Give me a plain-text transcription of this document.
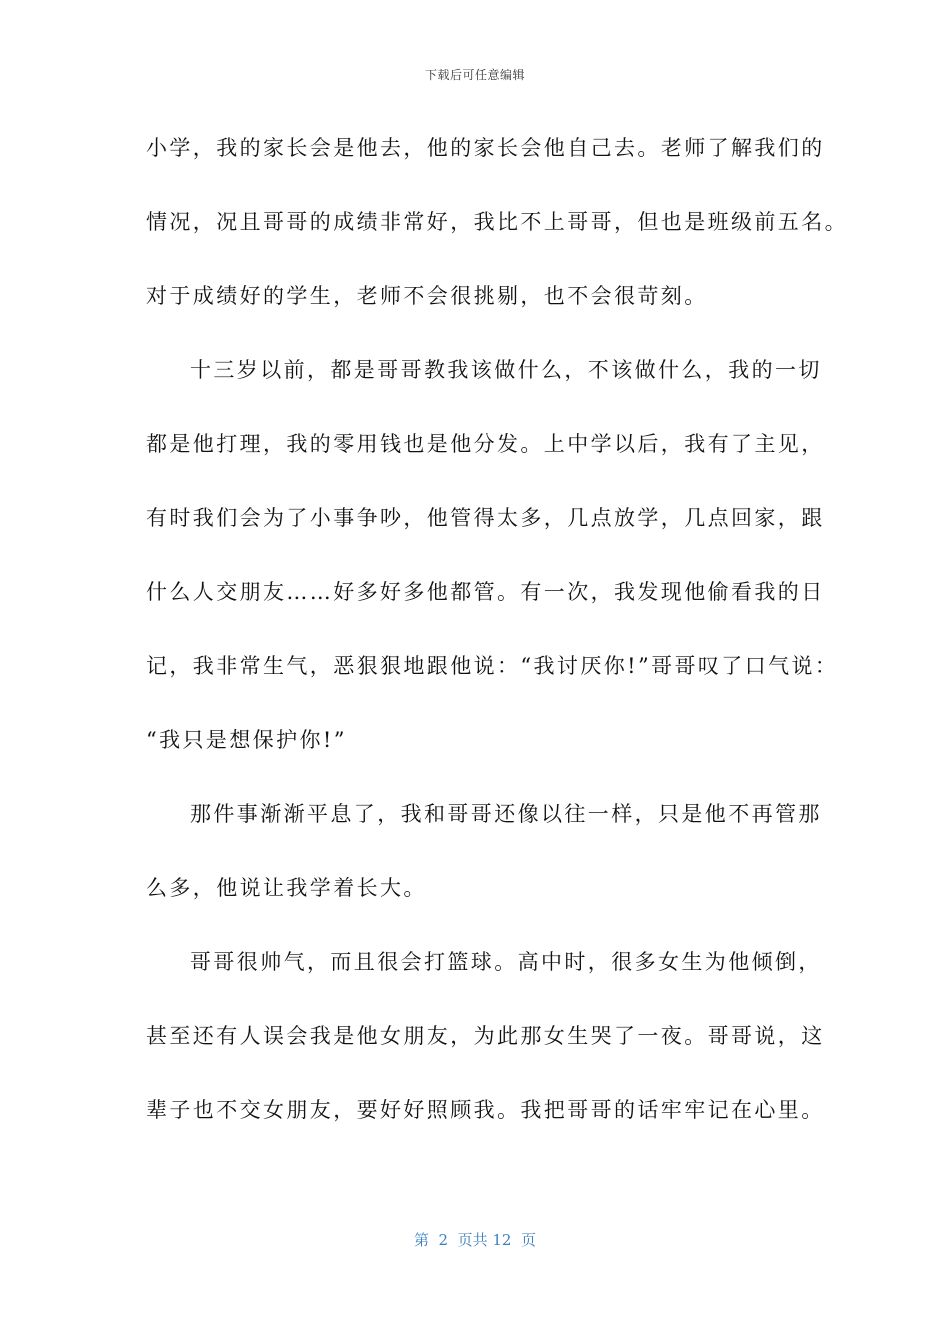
下载后可任意编辑
小学，我的家长会是他去，他的家长会他自己去。老师了解我们的
情况，况且哥哥的成绩非常好，我比不上哥哥，但也是班级前五名。
对于成绩好的学生，老师不会很挑剔，也不会很苛刻。
十三岁以前，都是哥哥教我该做什么，不该做什么，我的一切
都是他打理，我的零用钱也是他分发。上中学以后，我有了主见，
有时我们会为了小事争吵，他管得太多，几点放学，几点回家，跟
什么人交朋友……好多好多他都管。有一次，我发现他偷看我的日
记，我非常生气，恶狠狠地跟他说：“我讨厌你!”哥哥叹了口气说：
“我只是想保护你!”
那件事渐渐平息了，我和哥哥还像以往一样，只是他不再管那
么多，他说让我学着长大。
哥哥很帅气，而且很会打篮球。高中时，很多女生为他倾倒，
甚至还有人误会我是他女朋友，为此那女生哭了一夜。哥哥说，这
辈子也不交女朋友，要好好照顾我。我把哥哥的话牢牢记在心里。
第  2  页共 12  页
